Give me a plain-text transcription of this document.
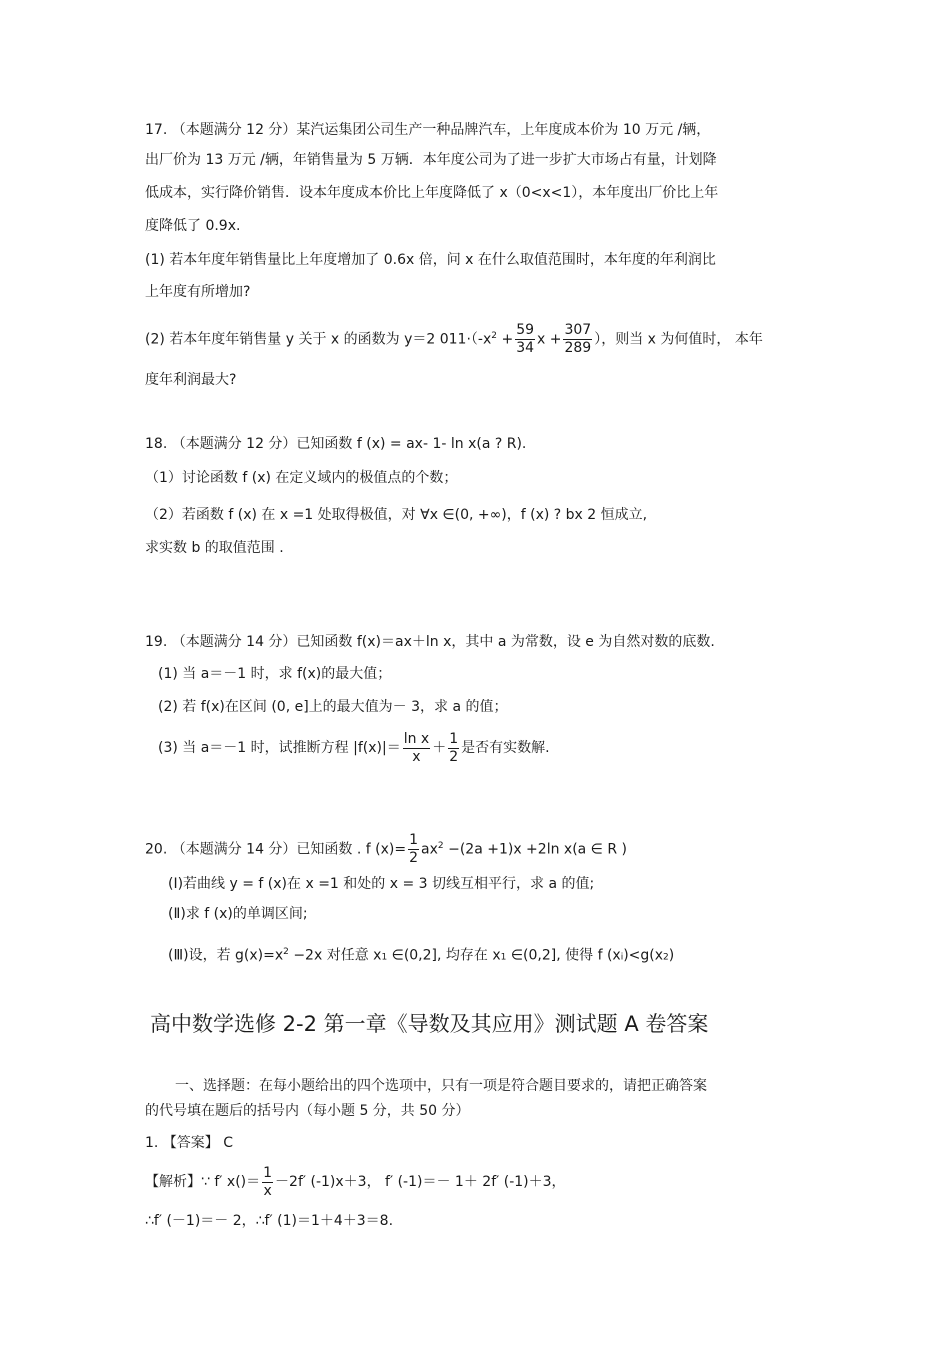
17. （本题满分 12 分）某汽运集团公司生产一种品牌汽车，上年度成本价为 10 万元 /辆，
出厂价为 13 万元 /辆，年销售量为 5 万辆．本年度公司为了进一步扩大市场占有量，计划降
低成本，实行降价销售．设本年度成本价比上年度降低了 x（0<x<1），本年度出厂价比上年
度降低了 0.9x.
(1) 若本年度年销售量比上年度增加了 0.6x 倍，问 x 在什么取值范围时，本年度的年利润比
上年度有所增加?
(2) 若本年度年销售量 y 关于 x 的函数为 y＝2 $011\cdot(-x^2 + \frac{59}{34}$ $x + \frac{307}{289}$ ），则当 x 为何值时， 本年
度年利润最大?
18. （本题满分 12 分）已知函数 f (x) = ax- 1- ln x(a ? R).
（1）讨论函数 f (x) 在定义域内的极值点的个数；
（2）若函数 f (x) 在 x =1 处取得极值，对 ∀x ∈(0, +∞)，f (x) ? bx 2 恒成立,
求实数 b 的取值范围 .
19. （本题满分 14 分）已知函数 f(x)＝ax＋ln x，其中 a 为常数，设 e 为自然对数的底数.
(1) 当 a＝－1 时，求 f(x)的最大值；
(2) 若 f(x)在区间 (0, e]上的最大值为－ 3，求 a 的值；
(3) 当 a＝－1 时，试推断方程 $|f(x)|= \frac{\text{ln x}}{x} + \frac{1}{2}$ 是否有实数解.
20. （本题满分 14 分）已知函数 . f $(x)= \frac{1}{2} ax^2 -(2a +1)x +2\ln$ x(a ∈ R )
(Ⅰ)若曲线 y = f (x)在 x =1 和处的 x = 3 切线互相平行，求 a 的值;
(Ⅱ)求 f (x)的单调区间;
(Ⅲ)设，若 $g(x)=x^2 -2x$ 对任意 x1 ∈(0,2], 均存在 x1 ∈(0,2], 使得 f (xi)<g(x2)
高中数学选修 2-2 第一章《导数及其应用》测试题 A 卷答案
一、选择题：在每小题给出的四个选项中，只有一项是符合题目要求的，请把正确答案
的代号填在题后的括号内（每小题 5 分，共 50 分）
1. 【答案】 C
【解析】∵ f′ $x()= \frac{1}{x} -2f'$ (-1)x＋3， f′ (-1)＝－ 1＋ 2f′ (-1)＋3，
∴f′ (－1)＝－ 2，∴f′ (1)＝1＋4＋3＝8.
